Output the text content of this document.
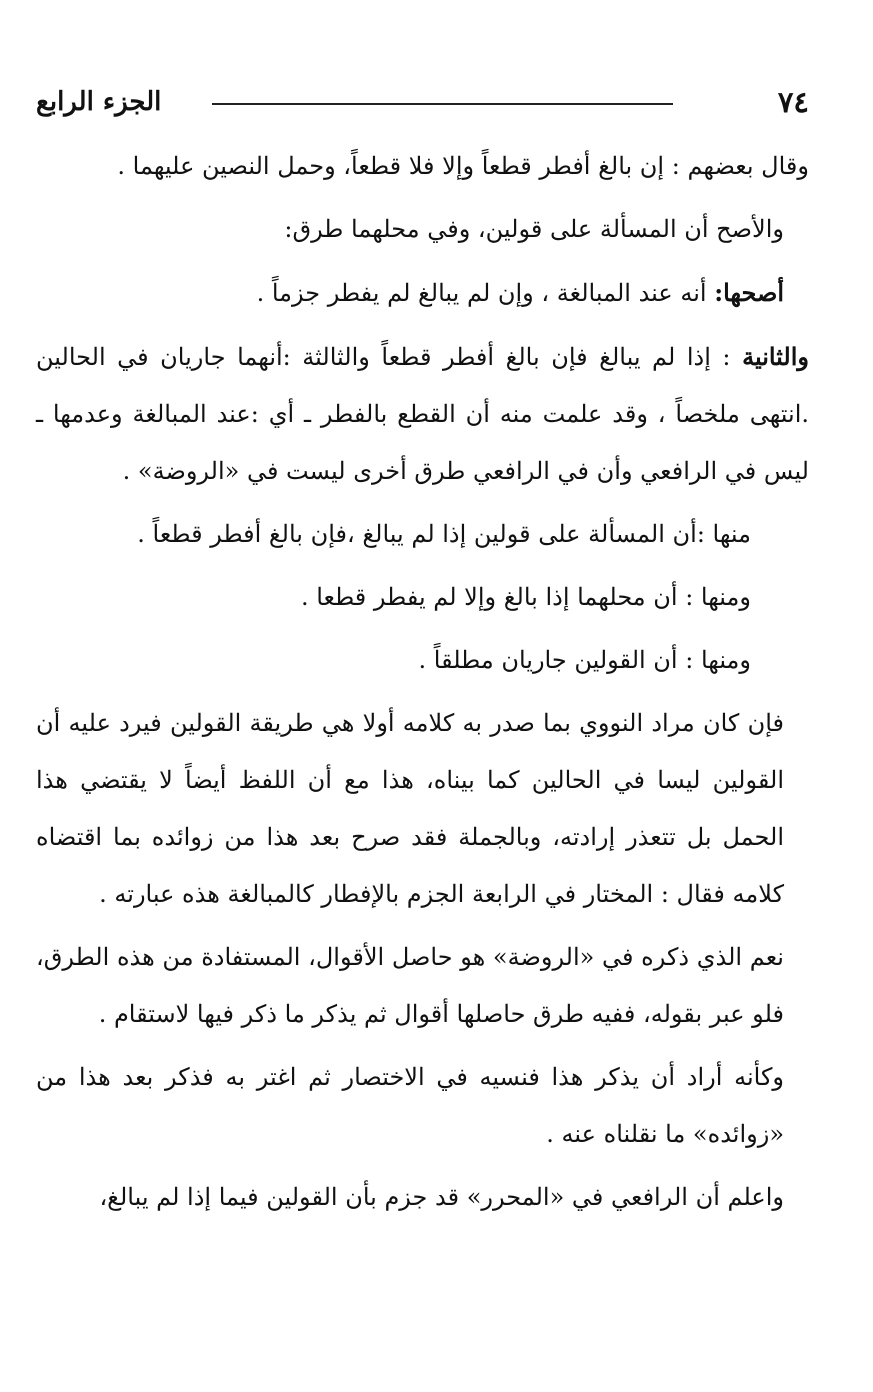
٧٤
الجزء الرابع

وقال بعضهم : إن بالغ أفطر قطعاً وإلا فلا قطعاً، وحمل النصين عليهما .

والأصح أن المسألة على قولين، وفي محلهما طرق:

أصحها: أنه عند المبالغة ، وإن لم يبالغ لم يفطر جزماً .

والثانية : إذا لم يبالغ فإن بالغ أفطر قطعاً والثالثة :أنهما جاريان في الحالين .انتهى ملخصاً ، وقد علمت منه أن القطع بالفطر ـ أي :عند المبالغة وعدمها ـ ليس في الرافعي وأن في الرافعي طرق أخرى ليست في «الروضة» .

منها :أن المسألة على قولين إذا لم يبالغ ،فإن بالغ أفطر قطعاً .

ومنها : أن محلهما إذا بالغ وإلا لم يفطر قطعا .

ومنها : أن القولين جاريان مطلقاً .

فإن كان مراد النووي بما صدر به كلامه أولا هي طريقة القولين فيرد عليه أن القولين ليسا في الحالين كما بيناه، هذا مع أن اللفظ أيضاً لا يقتضي هذا الحمل بل تتعذر إرادته، وبالجملة فقد صرح بعد هذا من زوائده بما اقتضاه كلامه فقال : المختار في الرابعة الجزم بالإفطار كالمبالغة هذه عبارته .

نعم الذي ذكره في «الروضة» هو حاصل الأقوال، المستفادة من هذه الطرق، فلو عبر بقوله، ففيه طرق حاصلها أقوال ثم يذكر ما ذكر فيها لاستقام .

وكأنه أراد أن يذكر هذا فنسيه في الاختصار ثم اغتر به فذكر بعد هذا من «زوائده» ما نقلناه عنه .

واعلم أن الرافعي في «المحرر» قد جزم بأن القولين فيما إذا لم يبالغ،
